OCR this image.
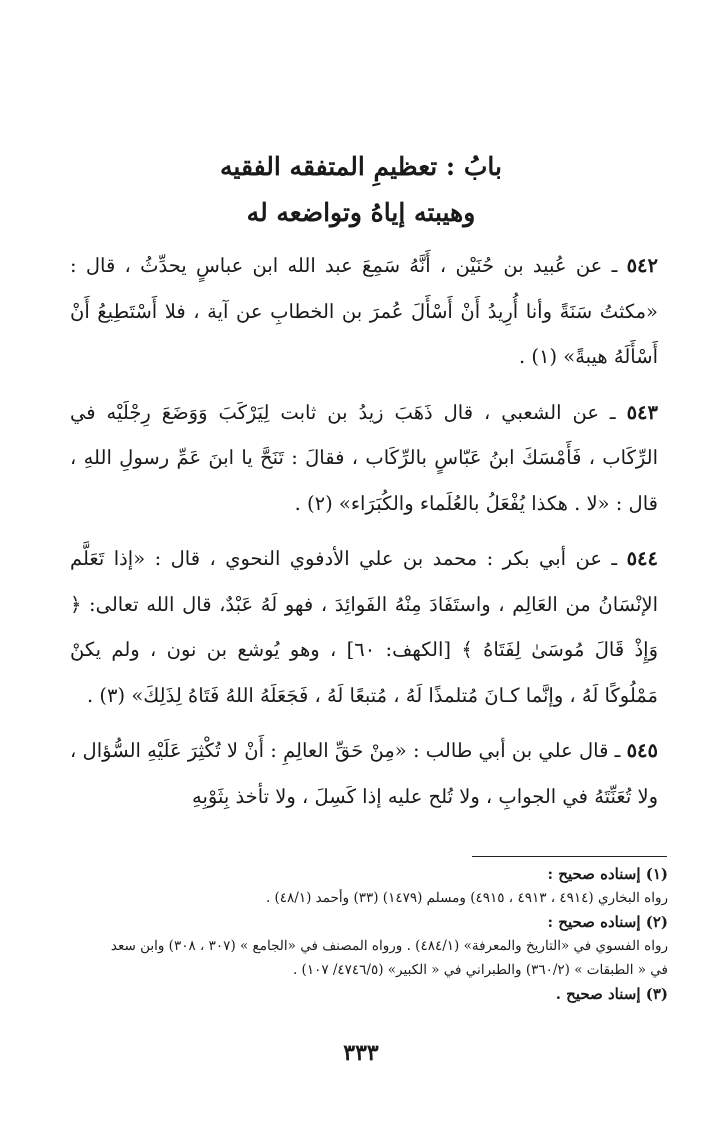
بابُ : تعظيمِ المتفقه الفقيه
وهيبته إياهُ وتواضعه له

٥٤٢ ـ عن عُبيد بن حُنَيْن ، أَنَّهُ سَمِعَ عبد الله ابن عباسٍ يحدِّثُ ، قال : «مكثتُ سَنَةً وأنا أُرِيدُ أَنْ أَسْأَلَ عُمرَ بن الخطابِ عن آية ، فلا أَسْتَطِيعُ أَنْ أَسْأَلَهُ هيبةً» (١) .

٥٤٣ ـ عن الشعبي ، قال ذَهَبَ زيدُ بن ثابت لِيَرْكَبَ وَوَضَعَ رِجْلَيْه في الرِّكَاب ، فَأَمْسَكَ ابنُ عَبّاسٍ بالرِّكَاب ، فقالَ : تَنَحَّ يا ابنَ عَمِّ رسولِ اللهِ ، قال : «لا . هكذا يُفْعَلُ بالعُلَماء والكُبَرَاء» (٢) .

٥٤٤ ـ عن أبي بكر : محمد بن علي الأدفوي النحوي ، قال : «إذا تَعَلَّم الإنْسَانُ من العَالِم ، واستَفَادَ مِنْهُ الفَوائِدَ ، فهو لَهُ عَبْدٌ، قال الله تعالى: ﴿ وَإِذْ قَالَ مُوسَىٰ لِفَتَاهُ ﴾ [الكهف: ٦٠] ، وهو يُوشع بن نون ، ولم يكنْ مَمْلُوكًا لَهُ ، وإنَّما كـانَ مُتلمذًا لَهُ ، مُتبعًا لَهُ ، فَجَعَلَهُ اللهُ فَتَاهُ لِذَلِكَ» (٣) .

٥٤٥ ـ قال علي بن أبي طالب : «مِنْ حَقِّ العالِمِ : أَنْ لا تُكْثِرَ عَلَيْهِ السُّؤال ، ولا تُعَنِّتَهُ في الجوابِ ، ولا تُلح عليه إذا كَسِلَ ، ولا تأخذ بِثَوْبِهِ

(١) إسناده صحيح :
رواه البخاري (٤٩١٤ ، ٤٩١٣ ، ٤٩١٥) ومسلم (١٤٧٩) (٣٣) وأحمد (٤٨/١) .
(٢) إسناده صحيح :
رواه الفسوي في «التاريخ والمعرفة» (٤٨٤/١) . ورواه المصنف في «الجامع » (٣٠٧ ، ٣٠٨) وابن سعد
في « الطبقات » (٣٦٠/٢) والطبراني في « الكبير» (٤٧٤٦/٥/ ١٠٧) .
(٣) إسناد صحيح .
٣٣٣
